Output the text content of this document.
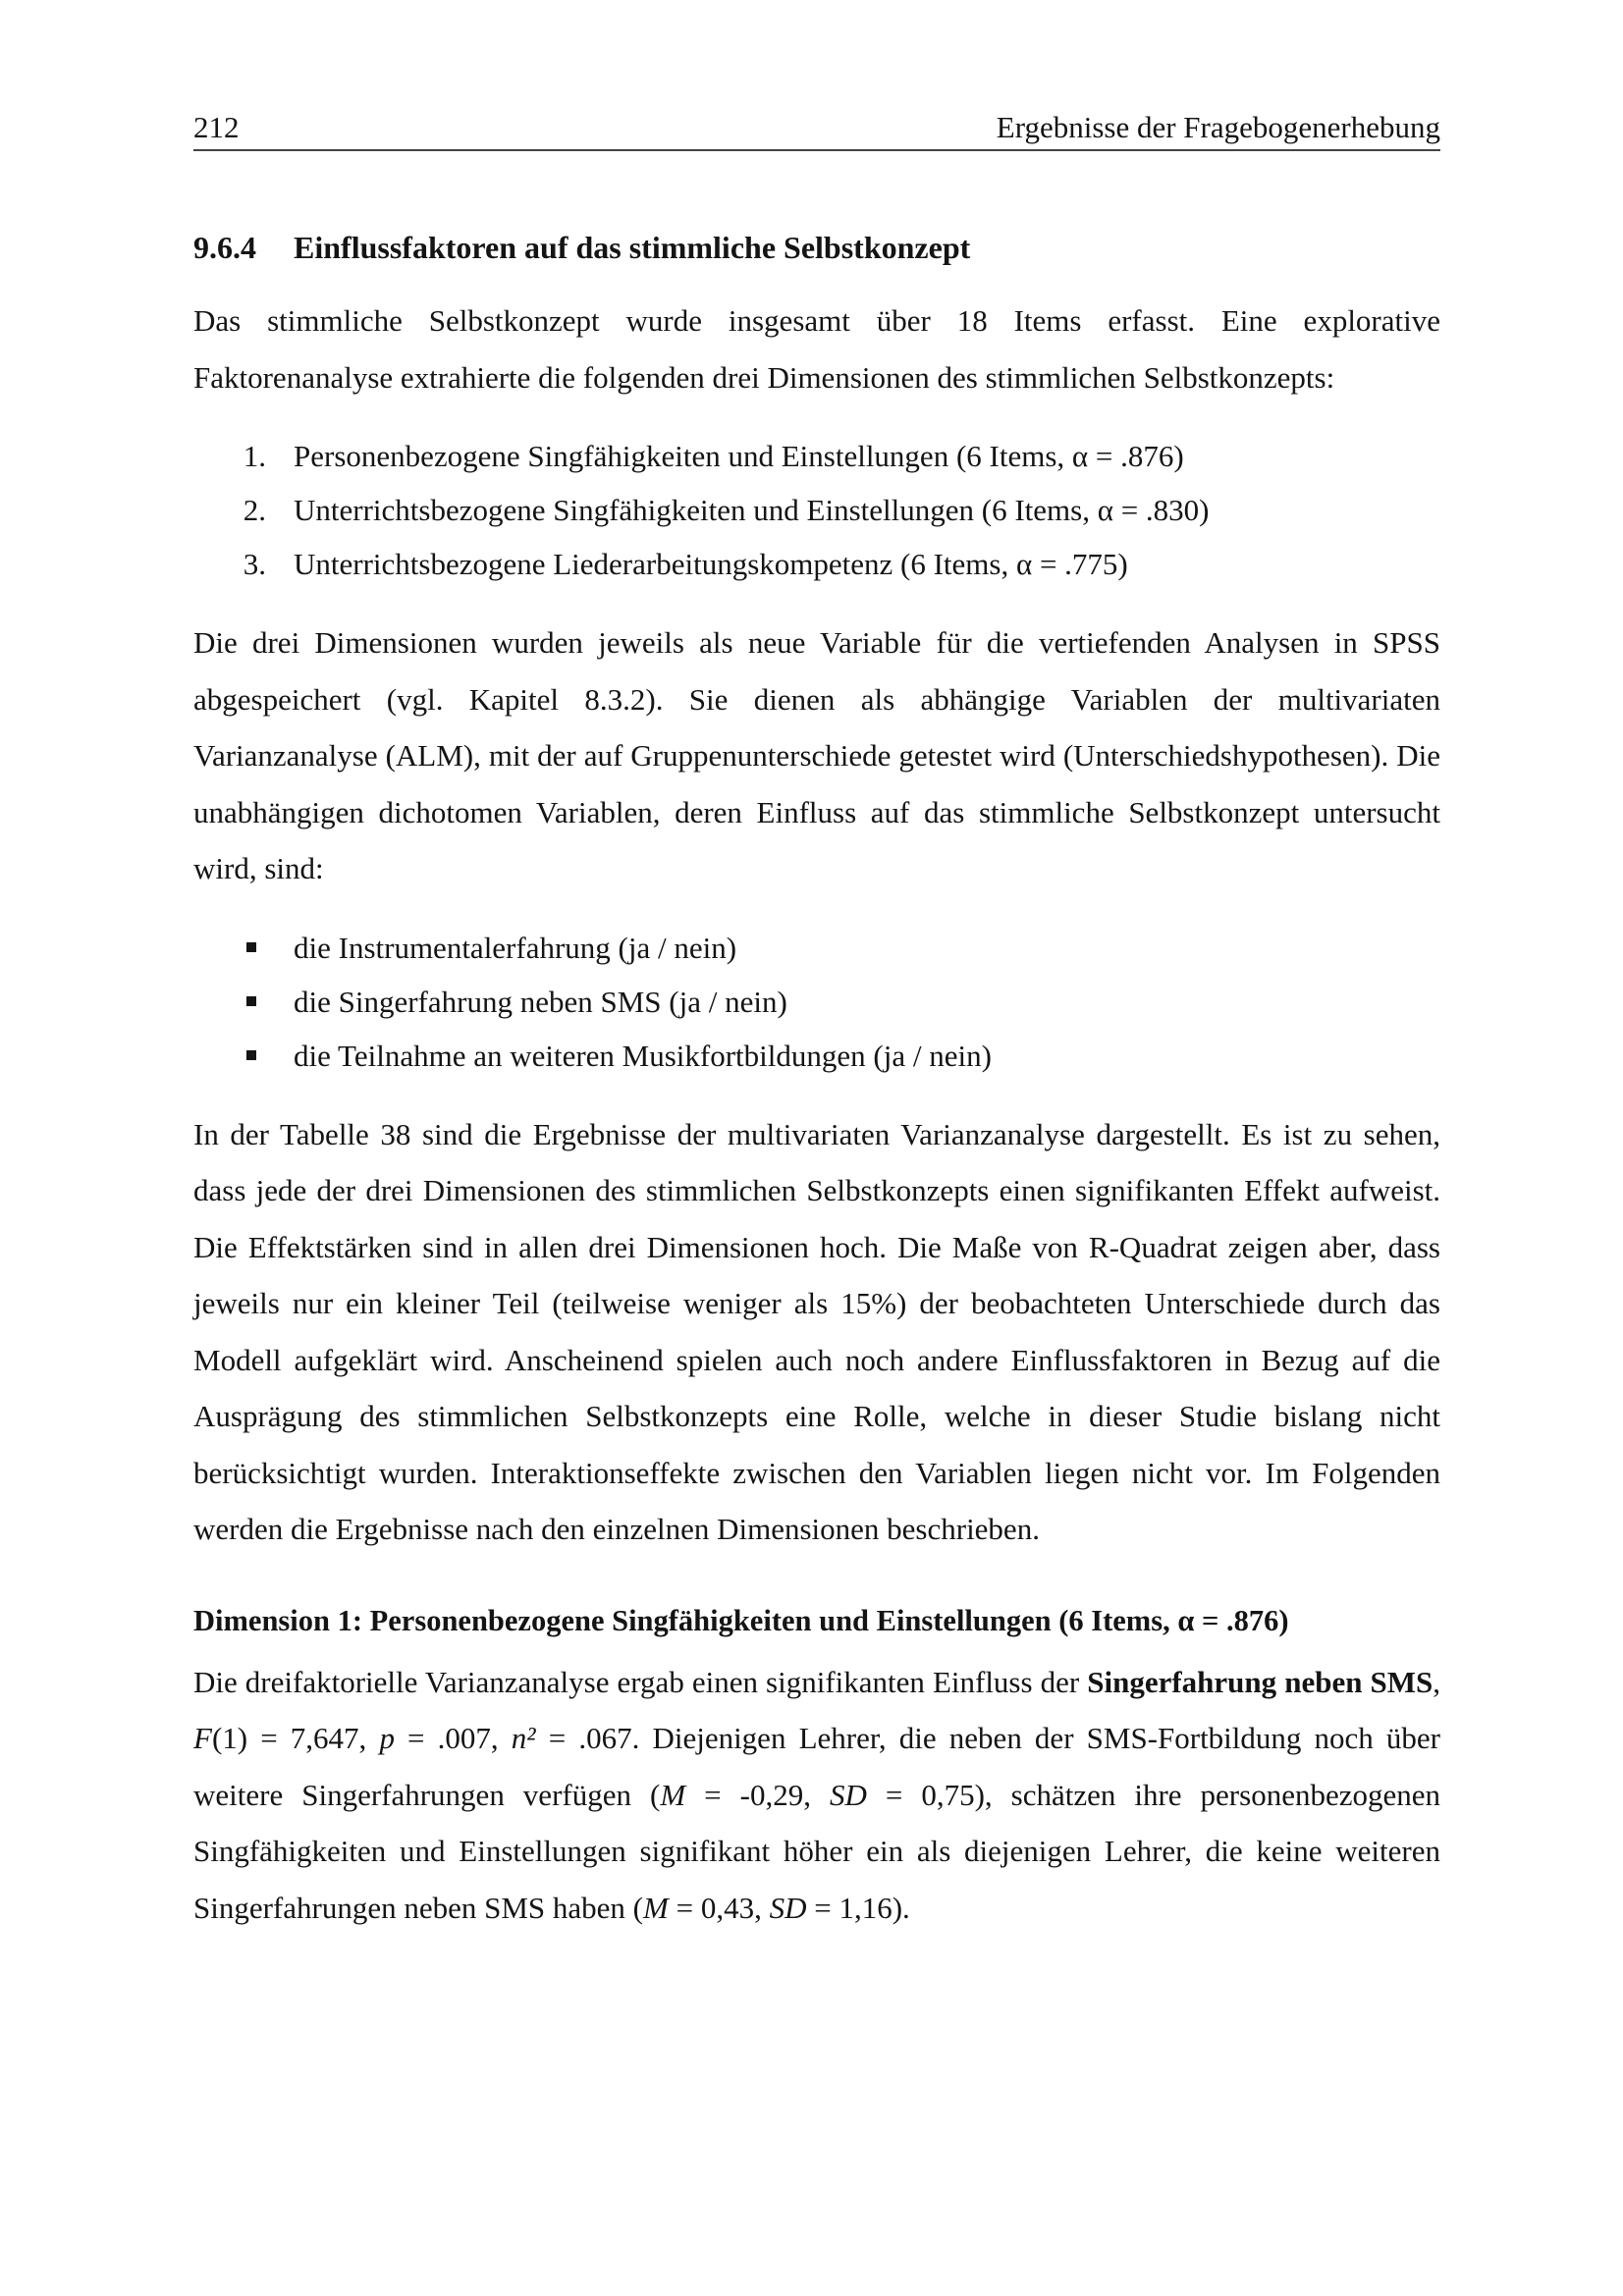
212	Ergebnisse der Fragebogenerhebung
9.6.4 Einflussfaktoren auf das stimmliche Selbstkonzept

Das stimmliche Selbstkonzept wurde insgesamt über 18 Items erfasst. Eine explorative Faktorenanalyse extrahierte die folgenden drei Dimensionen des stimmlichen Selbstkonzepts:

1. Personenbezogene Singfähigkeiten und Einstellungen (6 Items, α = .876)
2. Unterrichtsbezogene Singfähigkeiten und Einstellungen (6 Items, α = .830)
3. Unterrichtsbezogene Liederarbeitungskompetenz (6 Items, α = .775)

Die drei Dimensionen wurden jeweils als neue Variable für die vertiefenden Analysen in SPSS abgespeichert (vgl. Kapitel 8.3.2). Sie dienen als abhängige Variablen der multivariaten Varianzanalyse (ALM), mit der auf Gruppenunterschiede getestet wird (Unterschiedshypothesen). Die unabhängigen dichotomen Variablen, deren Einfluss auf das stimmliche Selbstkonzept untersucht wird, sind:

die Instrumentalerfahrung (ja / nein)
die Singerfahrung neben SMS (ja / nein)
die Teilnahme an weiteren Musikfortbildungen (ja / nein)

In der Tabelle 38 sind die Ergebnisse der multivariaten Varianzanalyse dargestellt. Es ist zu sehen, dass jede der drei Dimensionen des stimmlichen Selbstkonzepts einen signifikanten Effekt aufweist. Die Effektstärken sind in allen drei Dimensionen hoch. Die Maße von R-Quadrat zeigen aber, dass jeweils nur ein kleiner Teil (teilweise weniger als 15%) der beobachteten Unterschiede durch das Modell aufgeklärt wird. Anscheinend spielen auch noch andere Einflussfaktoren in Bezug auf die Ausprägung des stimmlichen Selbstkonzepts eine Rolle, welche in dieser Studie bislang nicht berücksichtigt wurden. Interaktionseffekte zwischen den Variablen liegen nicht vor. Im Folgenden werden die Ergebnisse nach den einzelnen Dimensionen beschrieben.

Dimension 1: Personenbezogene Singfähigkeiten und Einstellungen (6 Items, α = .876)

Die dreifaktorielle Varianzanalyse ergab einen signifikanten Einfluss der Singerfahrung neben SMS, F(1) = 7,647, p = .007, n² = .067. Diejenigen Lehrer, die neben der SMS-Fortbildung noch über weitere Singerfahrungen verfügen (M = -0,29, SD = 0,75), schätzen ihre personenbezogenen Singfähigkeiten und Einstellungen signifikant höher ein als diejenigen Lehrer, die keine weiteren Singerfahrungen neben SMS haben (M = 0,43, SD = 1,16).
